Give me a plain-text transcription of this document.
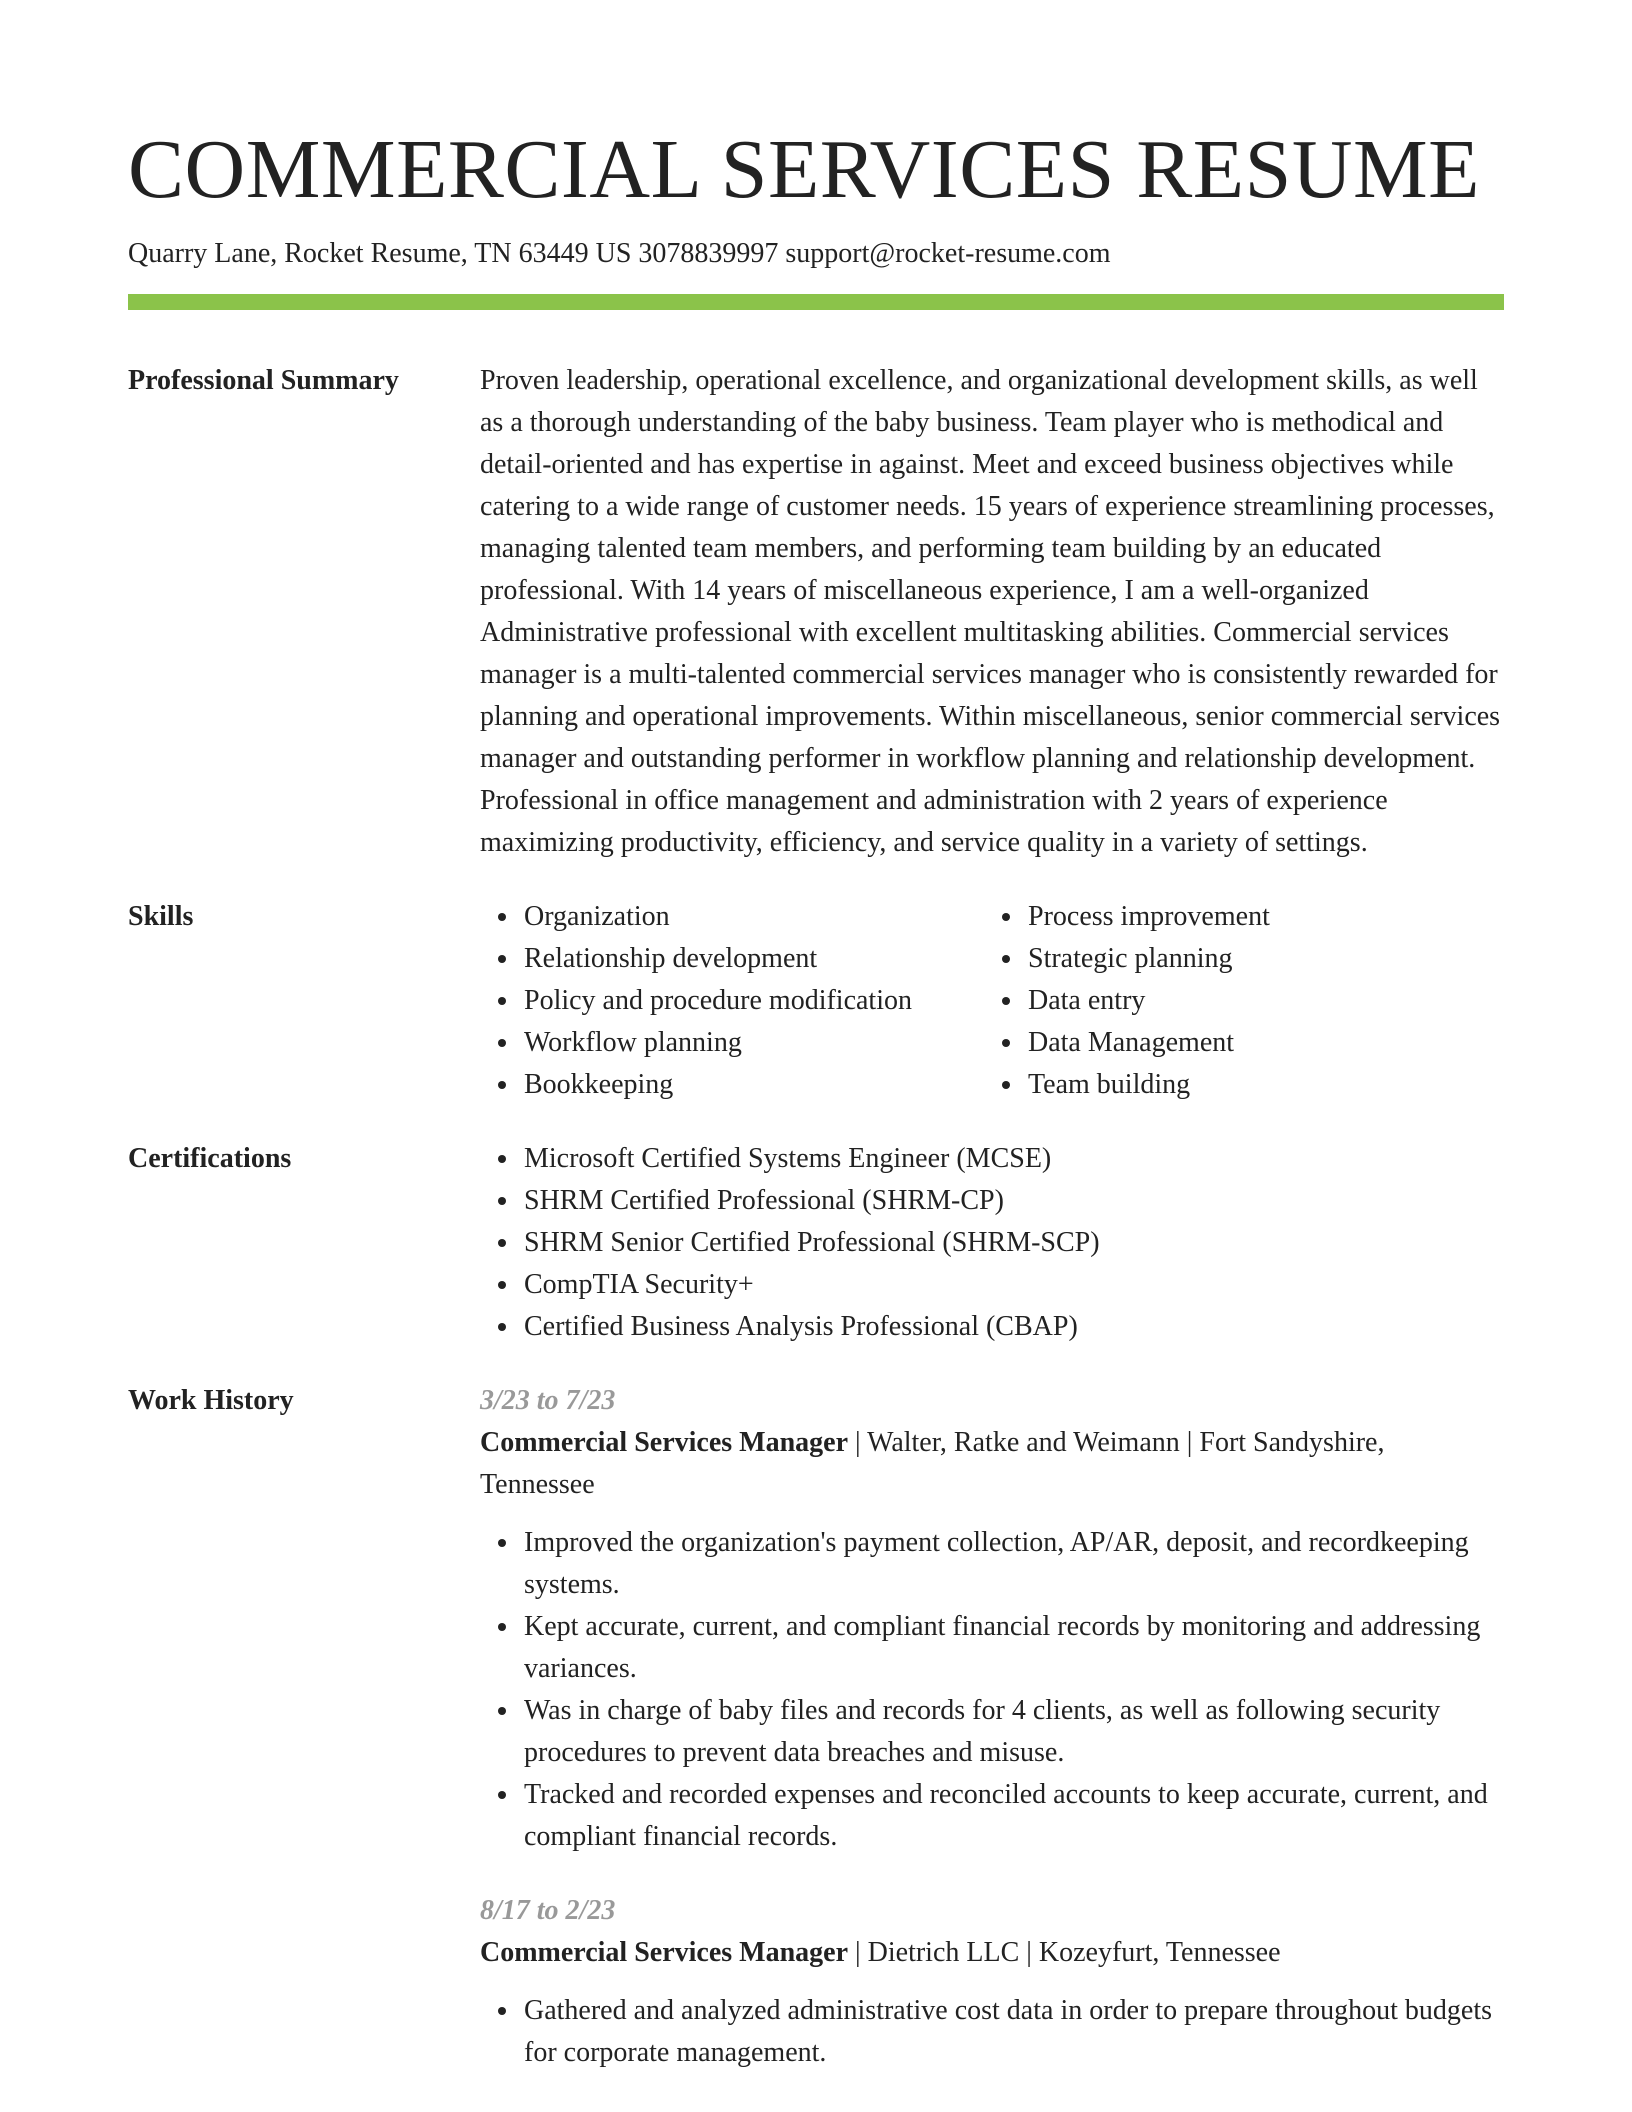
COMMERCIAL SERVICES RESUME
Quarry Lane, Rocket Resume, TN 63449 US 3078839997 support@rocket-resume.com
Professional Summary	Proven leadership, operational excellence, and organizational development skills, as well as a thorough understanding of the baby business. Team player who is methodical and detail-oriented and has expertise in against. Meet and exceed business objectives while catering to a wide range of customer needs. 15 years of experience streamlining processes, managing talented team members, and performing team building by an educated professional. With 14 years of miscellaneous experience, I am a well-organized Administrative professional with excellent multitasking abilities. Commercial services manager is a multi-talented commercial services manager who is consistently rewarded for planning and operational improvements. Within miscellaneous, senior commercial services manager and outstanding performer in workflow planning and relationship development. Professional in office management and administration with 2 years of experience maximizing productivity, efficiency, and service quality in a variety of settings.

Skills	Organization
Relationship development
Policy and procedure modification
Workflow planning
Bookkeeping
Process improvement
Strategic planning
Data entry
Data Management
Team building
Certifications	Microsoft Certified Systems Engineer (MCSE)
SHRM Certified Professional (SHRM-CP)
SHRM Senior Certified Professional (SHRM-SCP)
CompTIA Security+
Certified Business Analysis Professional (CBAP)
Work History	3/23 to 7/23
Commercial Services Manager | Walter, Ratke and Weimann | Fort Sandyshire, Tennessee
Improved the organization's payment collection, AP/AR, deposit, and recordkeeping systems.
Kept accurate, current, and compliant financial records by monitoring and addressing variances.
Was in charge of baby files and records for 4 clients, as well as following security procedures to prevent data breaches and misuse.
Tracked and recorded expenses and reconciled accounts to keep accurate, current, and compliant financial records.
8/17 to 2/23
Commercial Services Manager | Dietrich LLC | Kozeyfurt, Tennessee
Gathered and analyzed administrative cost data in order to prepare throughout budgets for corporate management.
